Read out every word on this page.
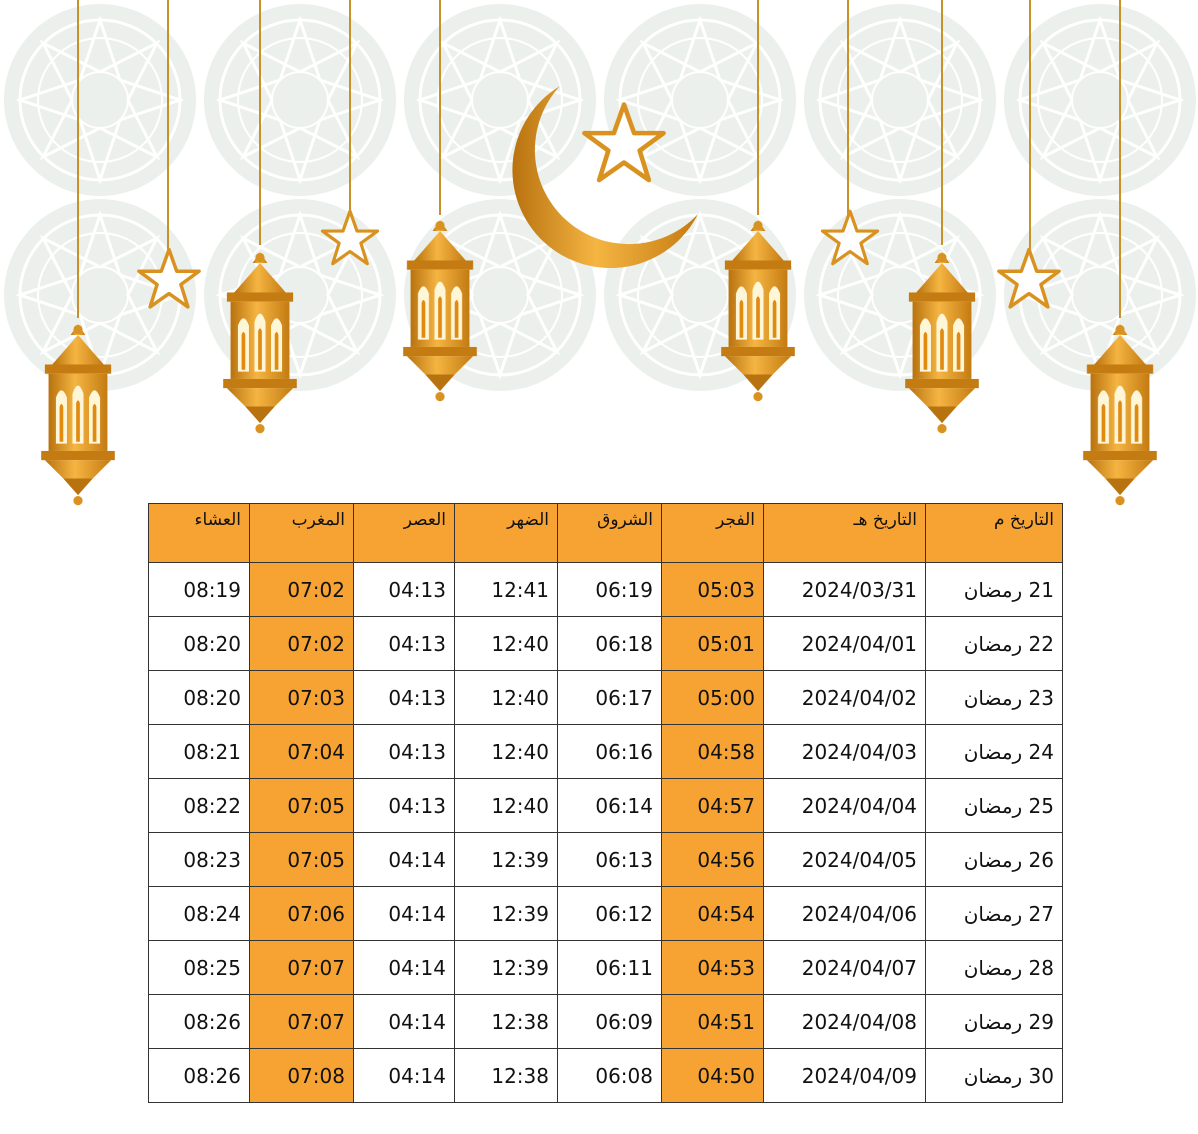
العشاء	المغرب	العصر	الضهر	الشروق	الفجر	التاريخ هـ	التاريخ م
08:19	07:02	04:13	12:41	06:19	05:03	2024/03/31	21 رمضان
08:20	07:02	04:13	12:40	06:18	05:01	2024/04/01	22 رمضان
08:20	07:03	04:13	12:40	06:17	05:00	2024/04/02	23 رمضان
08:21	07:04	04:13	12:40	06:16	04:58	2024/04/03	24 رمضان
08:22	07:05	04:13	12:40	06:14	04:57	2024/04/04	25 رمضان
08:23	07:05	04:14	12:39	06:13	04:56	2024/04/05	26 رمضان
08:24	07:06	04:14	12:39	06:12	04:54	2024/04/06	27 رمضان
08:25	07:07	04:14	12:39	06:11	04:53	2024/04/07	28 رمضان
08:26	07:07	04:14	12:38	06:09	04:51	2024/04/08	29 رمضان
08:26	07:08	04:14	12:38	06:08	04:50	2024/04/09	30 رمضان
